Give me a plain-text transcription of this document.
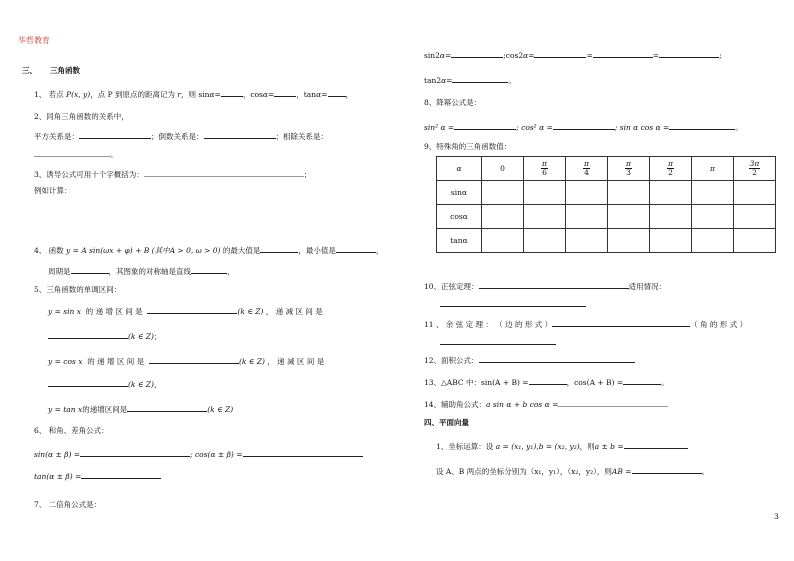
华哲教育
三、 三角函数
1、 若点 P(x, y)，点 P 到原点的距离记为 r，则 sinα=	，cosα=	，tanα= ，
2、同角三角函数的关系中，
平方关系是：	；倒数关系是：	；相除关系是：
。
3、诱导公式可用十个字概括为：	；
例如计算：
4、 函数 y = A sin(ωx + φ) + B (其中A > 0, ω > 0) 的最大值是	，最小值是	，
周期是	，其图象的对称轴是直线	，
5、三角函数的单调区间：
y = sin x 的 递 增 区 间 是	(k ∈ Z) ， 递 减 区 间 是
(k ∈ Z)；
y = cos x 的 递 增 区 间 是	(k ∈ Z) ， 递 减 区 间 是
(k ∈ Z)，
y = tan x的递增区间是	(k ∈ Z)
6、 和角、差角公式：
sin(α ± β) =	; cos(α ± β) =
tan(α ± β) =
7、 二倍角公式是：
sin2α=	;cos2α=	=	=	;
tan2α=	。
8、降幂公式是：
sin² α =	; cos² α =	; sin α cos α =	。
9、特殊角的三角函数值：
α	0	$\frac{\pi}{6}$	$\frac{\pi}{4}$	$\frac{\pi}{3}$	$\frac{\pi}{2}$	π	$\frac{3\pi}{2}$

sinα							
cosα							
tanα							
10、正弦定理：	适用情况：
11 、 余 弦 定 理 ： （ 边 的 形 式 ）	（ 角 的 形 式 ）
12、面积公式：
13、△ABC 中：sin(A + B) =	，cos(A + B) =	。
14、辅助角公式：a sin α + b cos α =
四、平面向量
1、坐标运算：设 a = (x₁, y₁),b = (x₂, y₂)，则a ± b =
设 A、B 两点的坐标分别为（x₁，y₁），（x₂，y₂），则AB =	。
3
